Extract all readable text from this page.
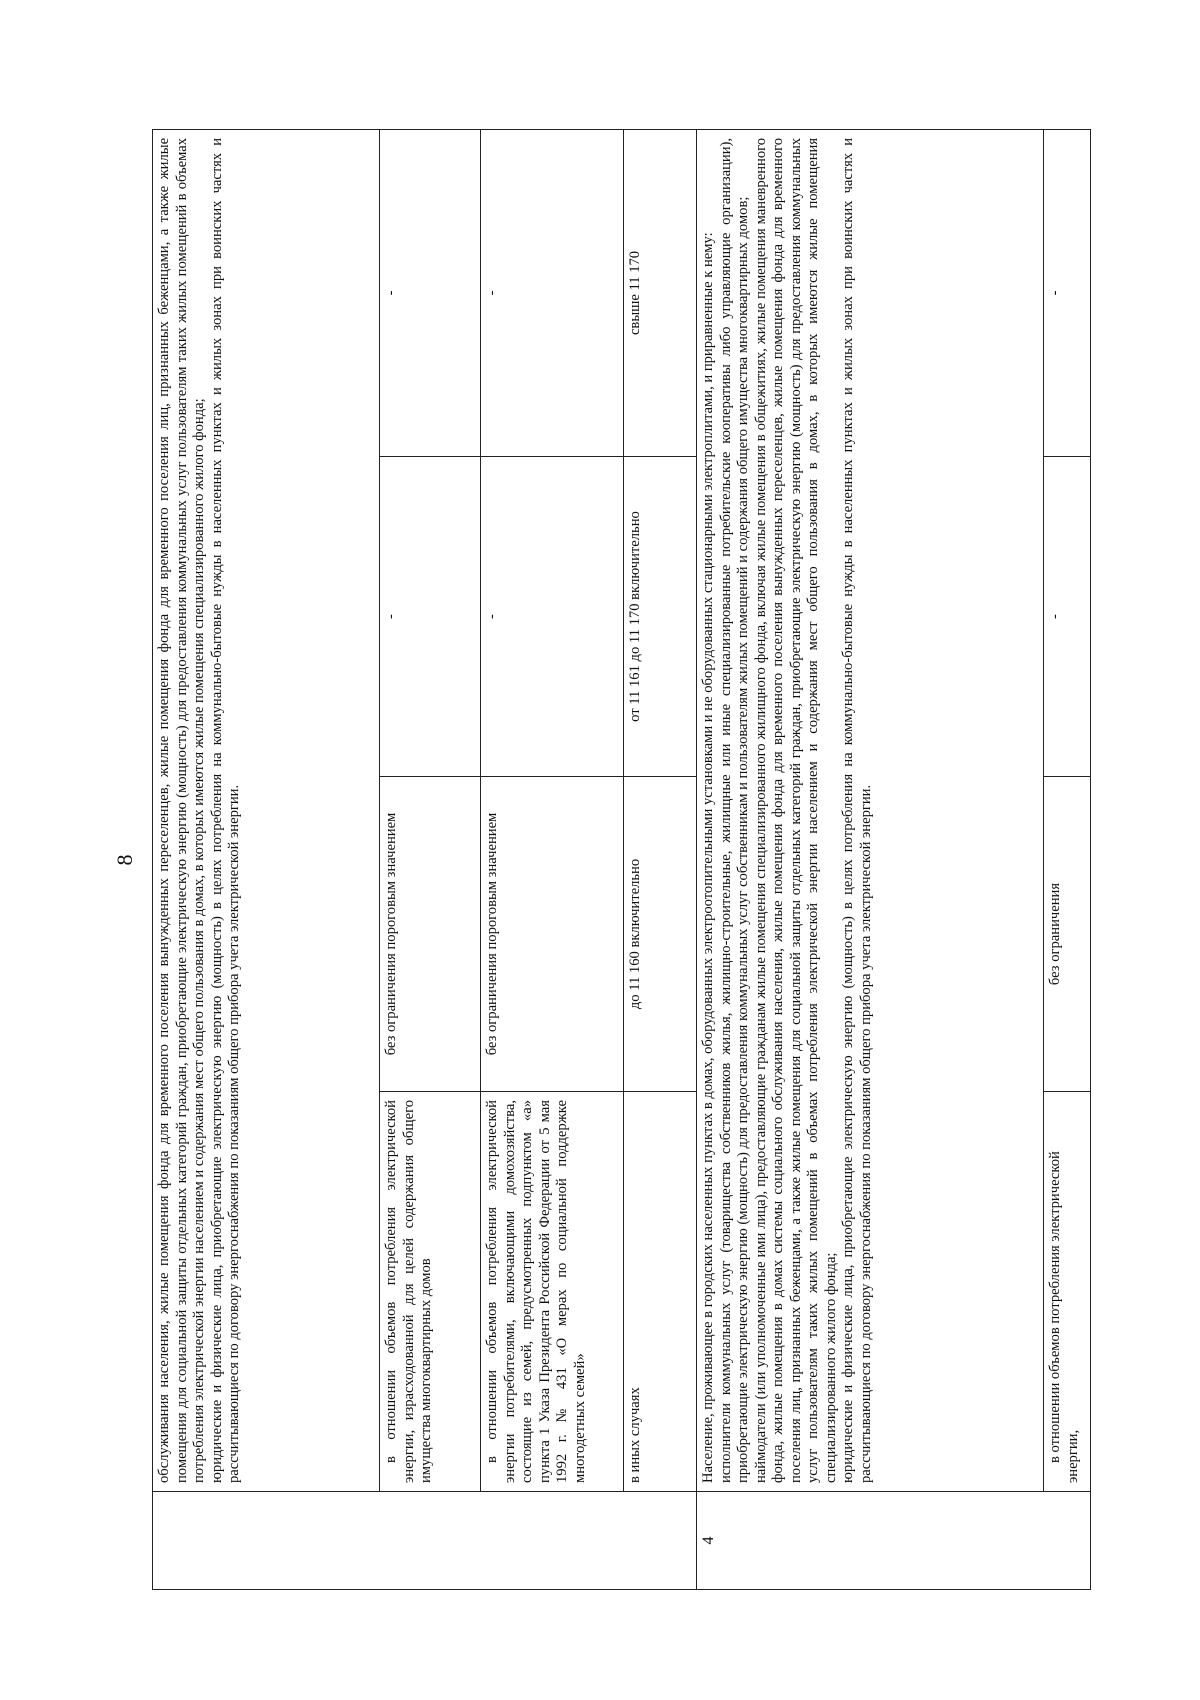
8

	обслуживания населения, жилые помещения фонда для временного поселения вынужденных переселенцев, жилые помещения фонда для временного поселения лиц, признанных беженцами, а также жилые помещения для социальной защиты отдельных категорий граждан, приобретающие электрическую энергию (мощность) для предоставления коммунальных услуг пользователям таких жилых помещений в объемах потребления электрической энергии населением и содержания мест общего пользования в домах, в которых имеются жилые помещения специализированного жилого фонда; юридические и физические лица, приобретающие электрическую энергию (мощность) в целях потребления на коммунально-бытовые нужды в населенных пунктах и жилых зонах при воинских частях и рассчитывающиеся по договору энергоснабжения по показаниям общего прибора учета электрической энергии.			

	в отношении объемов потребления электрической энергии, израсходованной для целей содержания общего имущества многоквартирных домов	без ограничения пороговым значением	-	-

	в отношении объемов потребления электрической энергии потребителями, включающими домохозяйства, состоящие из семей, предусмотренных подпунктом «а» пункта 1 Указа Президента Российской Федерации от 5 мая 1992 г. № 431 «О мерах по социальной поддержке многодетных семей»	без ограничения пороговым значением	-	-
	в иных случаях	до 11 160 включительно	от 11 161 до 11 170 включительно	свыше 11 170
4	Население, проживающее в городских населенных пунктах в домах, оборудованных электроотопительными установками и не оборудованных стационарными электроплитами, и приравненные к нему: исполнители коммунальных услуг (товарищества собственников жилья, жилищно-строительные, жилищные или иные специализированные потребительские кооперативы либо управляющие организации), приобретающие электрическую энергию (мощность) для предоставления коммунальных услуг собственникам и пользователям жилых помещений и содержания общего имущества многоквартирных домов; наймодатели (или уполномоченные ими лица), предоставляющие гражданам жилые помещения специализированного жилищного фонда, включая жилые помещения в общежитиях, жилые помещения маневренного фонда, жилые помещения в домах системы социального обслуживания населения, жилые помещения фонда для временного поселения вынужденных переселенцев, жилые помещения фонда для временного поселения лиц, признанных беженцами, а также жилые помещения для социальной защиты отдельных категорий граждан, приобретающие электрическую энергию (мощность) для предоставления коммунальных услуг пользователям таких жилых помещений в объемах потребления электрической энергии населением и содержания мест общего пользования в домах, в которых имеются жилые помещения специализированного жилого фонда; юридические и физические лица, приобретающие электрическую энергию (мощность) в целях потребления на коммунально-бытовые нужды в населенных пунктах и жилых зонах при воинских частях и рассчитывающиеся по договору энергоснабжения по показаниям общего прибора учета электрической энергии.			

	в отношении объемов потребления электрической энергии,	без ограничения	-	-
